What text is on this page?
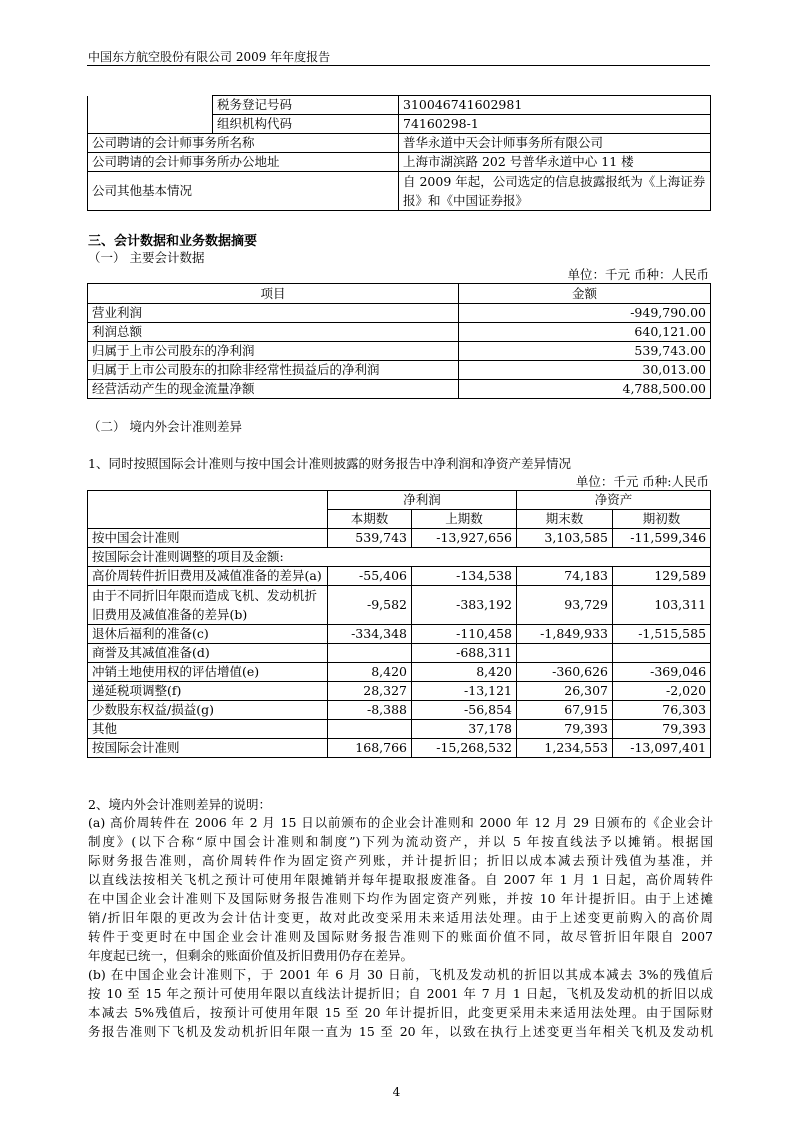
中国东方航空股份有限公司 2009 年年度报告
	税务登记号码	310046741602981
	组织机构代码	74160298-1
公司聘请的会计师事务所名称		普华永道中天会计师事务所有限公司
公司聘请的会计师事务所办公地址		上海市湖滨路 202 号普华永道中心 11 楼
公司其他基本情况		自 2009 年起，公司选定的信息披露报纸为《上海证券报》和《中国证券报》
三、会计数据和业务数据摘要
（一） 主要会计数据
单位：千元 币种：人民币
项目	金额
营业利润	-949,790.00
利润总额	640,121.00
归属于上市公司股东的净利润	539,743.00
归属于上市公司股东的扣除非经常性损益后的净利润	30,013.00
经营活动产生的现金流量净额	4,788,500.00
（二） 境内外会计准则差异
1、同时按照国际会计准则与按中国会计准则披露的财务报告中净利润和净资产差异情况
单位：千元 币种:人民币
	净利润		净资产	
	本期数	上期数	期末数	期初数
按中国会计准则	539,743	-13,927,656	3,103,585	-11,599,346
按国际会计准则调整的项目及金额:				
高价周转件折旧费用及减值准备的差异(a)	-55,406	-134,538	74,183	129,589
由于不同折旧年限而造成飞机、发动机折旧费用及减值准备的差异(b)	-9,582	-383,192	93,729	103,311
退休后福利的准备(c)	-334,348	-110,458	-1,849,933	-1,515,585
商誉及其减值准备(d)		-688,311		
冲销土地使用权的评估增值(e)	8,420	8,420	-360,626	-369,046
递延税项调整(f)	28,327	-13,121	26,307	-2,020
少数股东权益/损益(g)	-8,388	-56,854	67,915	76,303
其他		37,178	79,393	79,393
按国际会计准则	168,766	-15,268,532	1,234,553	-13,097,401
2、境内外会计准则差异的说明：
(a) 高价周转件在 2006 年 2 月 15 日以前颁布的企业会计准则和 2000 年 12 月 29 日颁布的《企业会计
制度》(以下合称“原中国会计准则和制度”)下列为流动资产，并以 5 年按直线法予以摊销。根据国
际财务报告准则，高价周转件作为固定资产列账，并计提折旧；折旧以成本减去预计残值为基准，并
以直线法按相关飞机之预计可使用年限摊销并每年提取报废准备。自 2007 年 1 月 1 日起，高价周转件
在中国企业会计准则下及国际财务报告准则下均作为固定资产列账，并按 10 年计提折旧。由于上述摊
销/折旧年限的更改为会计估计变更，故对此改变采用未来适用法处理。由于上述变更前购入的高价周
转件于变更时在中国企业会计准则及国际财务报告准则下的账面价值不同，故尽管折旧年限自 2007
年度起已统一，但剩余的账面价值及折旧费用仍存在差异。
(b) 在中国企业会计准则下，于 2001 年 6 月 30 日前，飞机及发动机的折旧以其成本减去 3%的残值后
按 10 至 15 年之预计可使用年限以直线法计提折旧；自 2001 年 7 月 1 日起，飞机及发动机的折旧以成
本减去 5%残值后，按预计可使用年限 15 至 20 年计提折旧，此变更采用未来适用法处理。由于国际财
务报告准则下飞机及发动机折旧年限一直为 15 至 20 年，以致在执行上述变更当年相关飞机及发动机
4
